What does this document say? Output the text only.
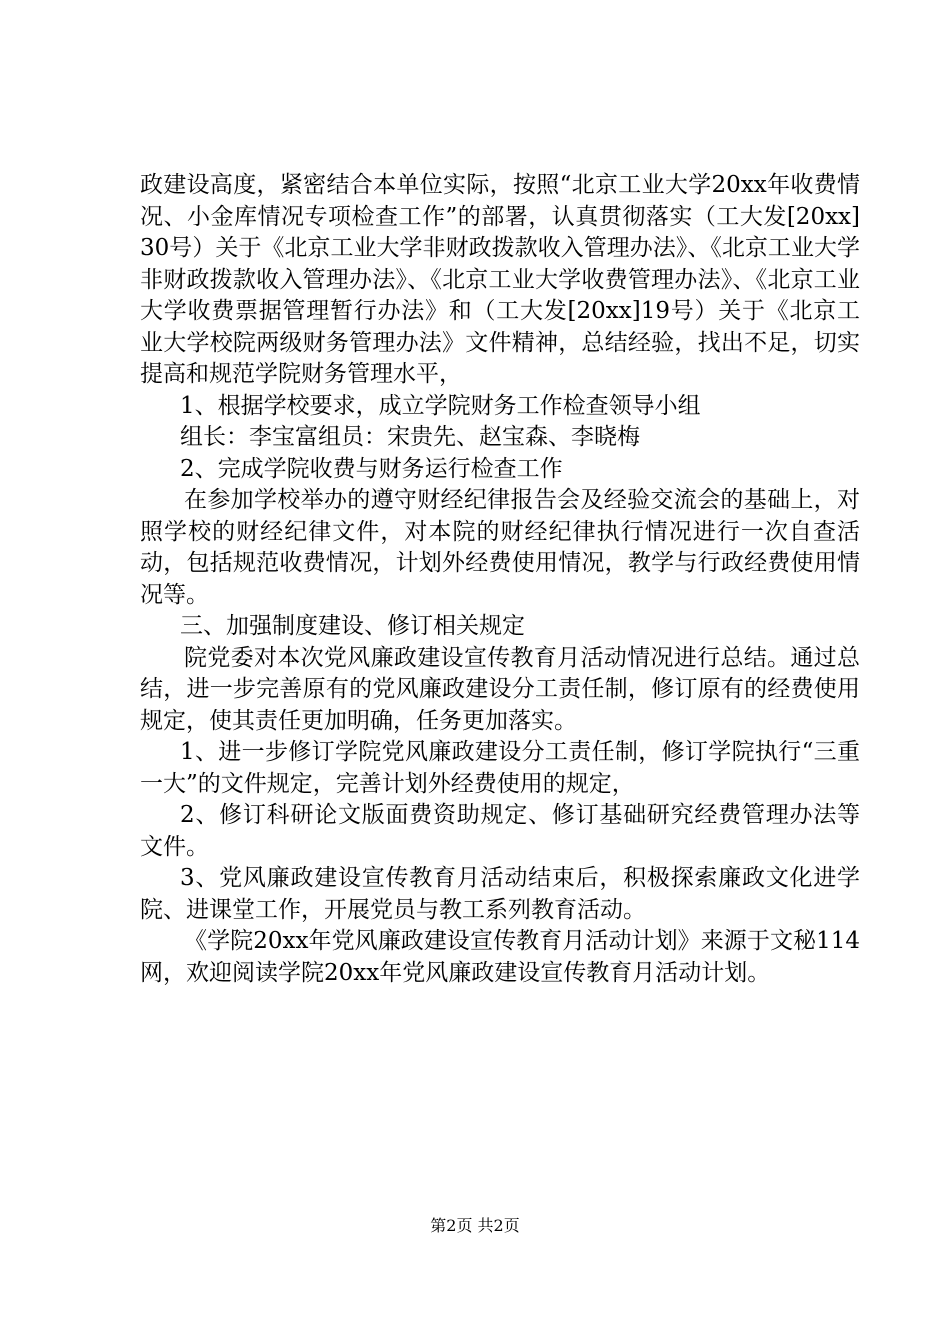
政建设高度，紧密结合本单位实际，按照“北京工业大学20xx年收费情况、小金库情况专项检查工作”的部署，认真贯彻落实（工大发[20xx]30号）关于《北京工业大学非财政拨款收入管理办法》、《北京工业大学非财政拨款收入管理办法》、《北京工业大学收费管理办法》、《北京工业大学收费票据管理暂行办法》和（工大发[20xx]19号）关于《北京工业大学校院两级财务管理办法》文件精神，总结经验，找出不足，切实提高和规范学院财务管理水平，

1、根据学校要求，成立学院财务工作检查领导小组

组长：李宝富组员：宋贵先、赵宝森、李晓梅

2、完成学院收费与财务运行检查工作

在参加学校举办的遵守财经纪律报告会及经验交流会的基础上，对照学校的财经纪律文件，对本院的财经纪律执行情况进行一次自查活动，包括规范收费情况，计划外经费使用情况，教学与行政经费使用情况等。

三、加强制度建设、修订相关规定

院党委对本次党风廉政建设宣传教育月活动情况进行总结。通过总结，进一步完善原有的党风廉政建设分工责任制，修订原有的经费使用规定，使其责任更加明确，任务更加落实。

1、进一步修订学院党风廉政建设分工责任制，修订学院执行“三重一大”的文件规定，完善计划外经费使用的规定，

2、修订科研论文版面费资助规定、修订基础研究经费管理办法等文件。

3、党风廉政建设宣传教育月活动结束后，积极探索廉政文化进学院、进课堂工作，开展党员与教工系列教育活动。

《学院20xx年党风廉政建设宣传教育月活动计划》来源于文秘114网，欢迎阅读学院20xx年党风廉政建设宣传教育月活动计划。

第2页 共2页
